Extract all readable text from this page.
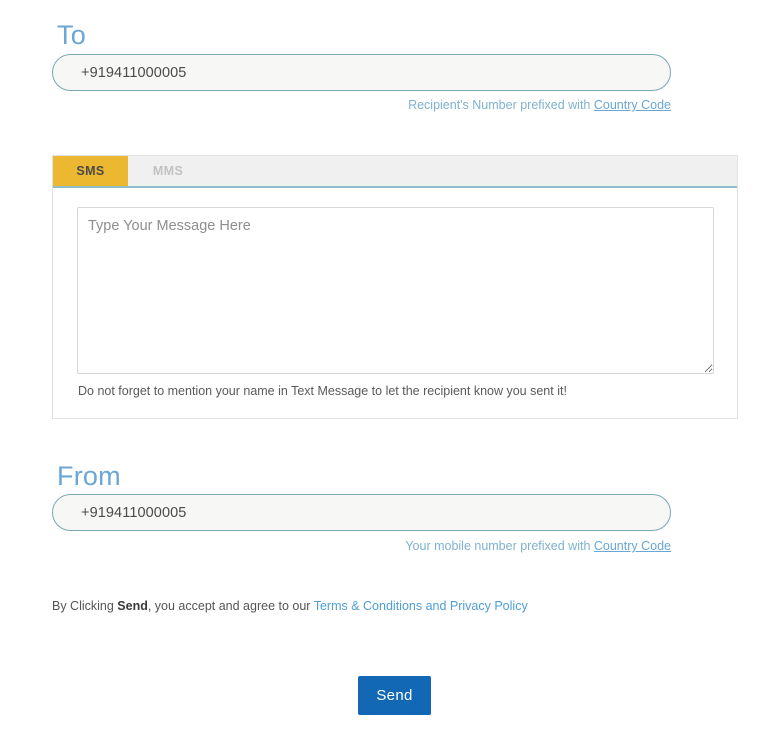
To
+919411000005
Recipient's Number prefixed with Country Code
SMS	MMS
Type Your Message Here
Do not forget to mention your name in Text Message to let the recipient know you sent it!
From
+919411000005
Your mobile number prefixed with Country Code
By Clicking Send, you accept and agree to our Terms & Conditions and Privacy Policy
Send
